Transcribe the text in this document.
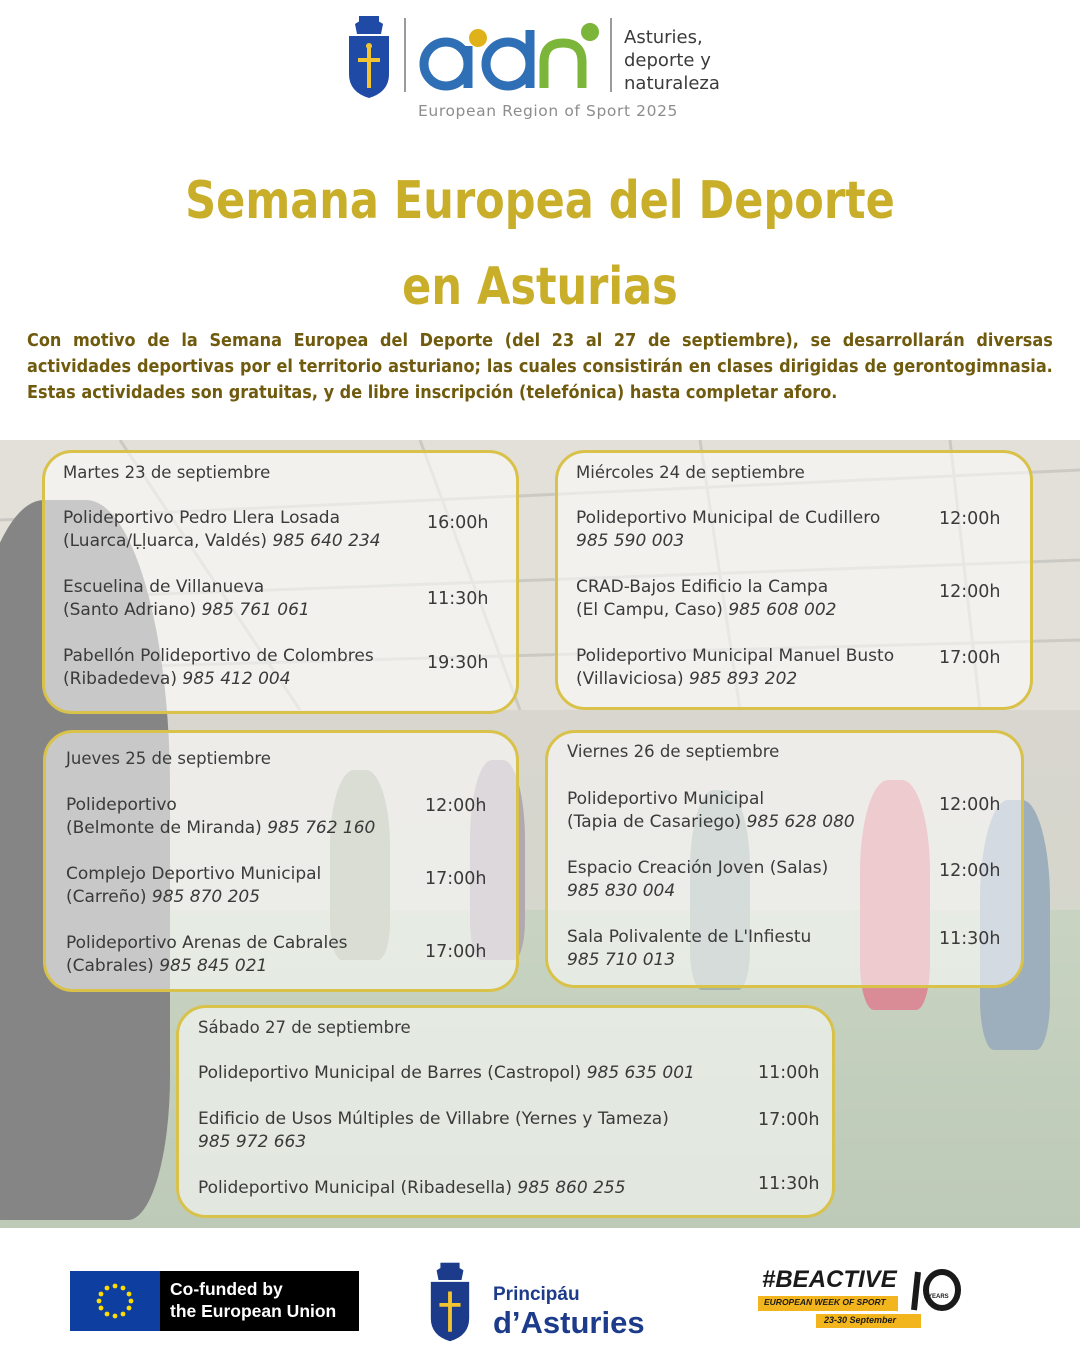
Asturies,
deporte y
naturaleza
European Region of Sport 2025
Semana Europea del Deporte
en Asturias
Con motivo de la Semana Europea del Deporte (del 23 al 27 de septiembre), se desarrollarán diversas actividades deportivas por el territorio asturiano; las cuales consistirán en clases dirigidas de gerontogimnasia. Estas actividades son gratuitas, y de libre inscripción (telefónica) hasta completar aforo.
Martes 23 de septiembre
Polideportivo Pedro Llera Losada
(Luarca/Ḷḷuarca, Valdés) 985 640 234
16:00h
Escuelina de Villanueva
(Santo Adriano) 985 761 061
11:30h
Pabellón Polideportivo de Colombres
(Ribadedeva) 985 412 004
19:30h
Miércoles 24 de septiembre
Polideportivo Municipal de Cudillero
985 590 003
12:00h
CRAD-Bajos Edificio la Campa
(El Campu, Caso) 985 608 002
12:00h
Polideportivo Municipal Manuel Busto
(Villaviciosa) 985 893 202
17:00h
Jueves 25 de septiembre
Polideportivo
(Belmonte de Miranda) 985 762 160
12:00h
Complejo Deportivo Municipal
(Carreño) 985 870 205
17:00h
Polideportivo Arenas de Cabrales
(Cabrales) 985 845 021
17:00h
Viernes 26 de septiembre
Polideportivo Municipal
(Tapia de Casariego) 985 628 080
12:00h
Espacio Creación Joven (Salas)
985 830 004
12:00h
Sala Polivalente de L'Infiestu
985 710 013
11:30h
Sábado 27 de septiembre
Polideportivo Municipal de Barres (Castropol) 985 635 001	11:00h
Edificio de Usos Múltiples de Villabre (Yernes y Tameza)
985 972 663
17:00h
Polideportivo Municipal (Ribadesella) 985 860 255	11:30h
Co-funded by
the European Union
Principáu
d’Asturies
#BEACTIVE
EUROPEAN WEEK OF SPORT
23-30 September
YEARS
